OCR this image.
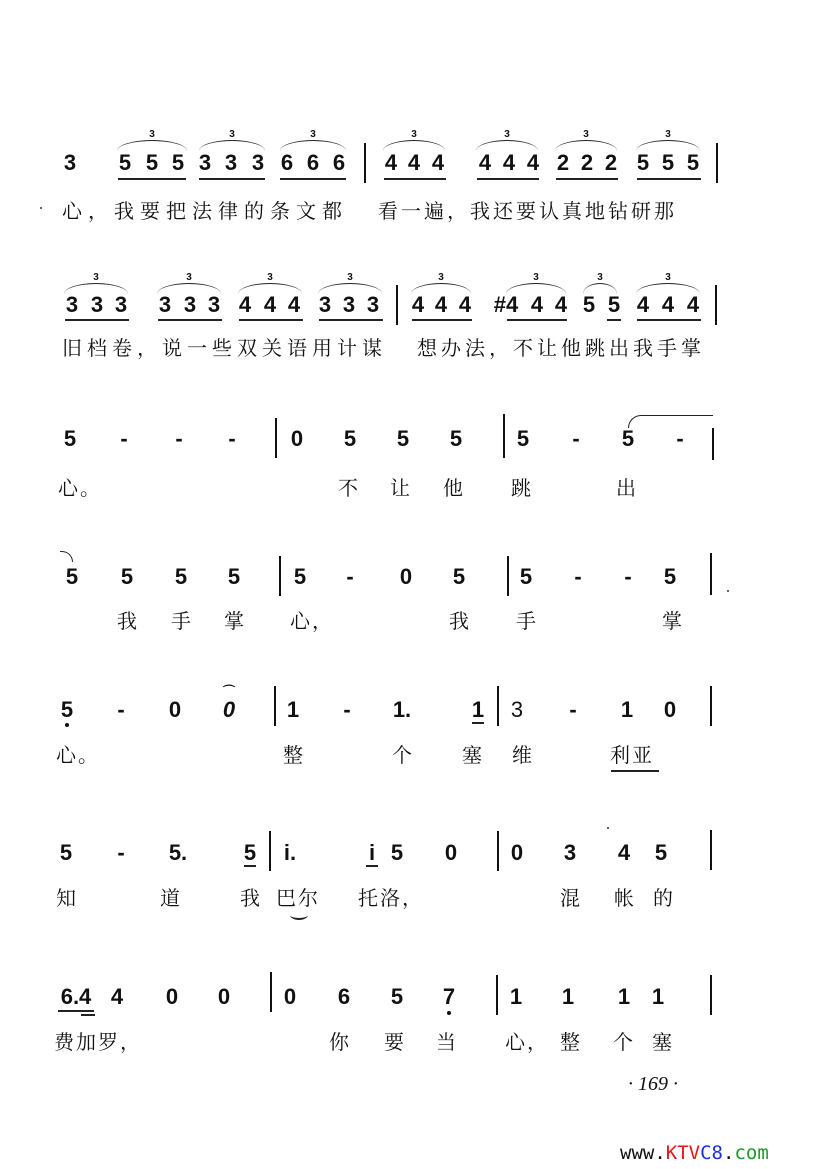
3
3
5 5 5
3
3 3 3
3
6 6 6
3
4 4 4
3
4 4 4
3
2 2 2
3
5 5 5
心，我要把法律的条文都 看一遍，我还要认真地钻研那
3
3 3 3
3
3 3 3
3
4 4 4
3
3 3 3
3
4 4 4
3
#4 4 4
3
5 5
3
4 4 4
旧档卷，说一些双关语用计谋 想办法，不让他跳出我手掌
5 - - -	0 5 5 5 5 - 5 -
心。	不 让 他 跳	出
5 5 5 5 5 - 0 5 5 - - 5
我 手 掌 心，	我 手	掌
5 - 0
⌒
0 1 - 1.	1 3 - 1 0
心。	整	个 塞 维	利亚
5 - 5.	5 i.	i 5 0 0 3 4 5
知	道	我 巴尔 托洛，	混 帐 的
6.4 4 0 0 0 6 5 7 1 1 1 1
费加罗，	你 要 当 心， 整 个 塞
· 169 ·
www.KTVC8.com
